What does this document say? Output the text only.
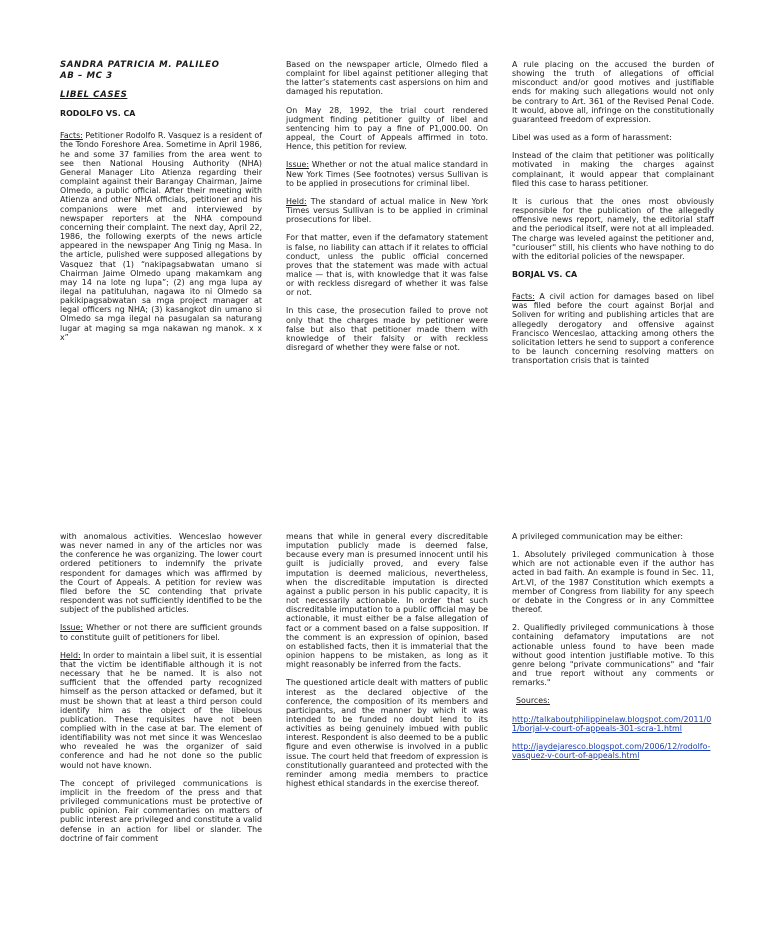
SANDRA PATRICIA M. PALILEO
AB – MC 3
LIBEL CASES
RODOLFO VS. CA

Facts: Petitioner Rodolfo R. Vasquez is a resident of the Tondo Foreshore Area. Sometime in April 1986, he and some 37 families from the area went to see then National Housing Authority (NHA) General Manager Lito Atienza regarding their complaint against their Barangay Chairman, Jaime Olmedo, a public official. After their meeting with Atienza and other NHA officials, petitioner and his companions were met and interviewed by newspaper reporters at the NHA compound concerning their complaint. The next day, April 22, 1986, the following exerpts of the news article appeared in the newspaper Ang Tinig ng Masa. In the article, pulished were supposed allegations by Vasquez that (1) “nakipagsabwatan umano si Chairman Jaime Olmedo upang makamkam ang may 14 na lote ng lupa”; (2) ang mga lupa ay ilegal na patituluhan, nagawa ito ni Olmedo sa pakikipagsabwatan sa mga project manager at legal officers ng NHA; (3) kasangkot din umano si Olmedo sa mga ilegal na pasugalan sa naturang lugar at maging sa mga nakawan ng manok. x x x”

Based on the newspaper article, Olmedo filed a complaint for libel against petitioner alleging that the latter’s statements cast aspersions on him and damaged his reputation.

On May 28, 1992, the trial court rendered judgment finding petitioner guilty of libel and sentencing him to pay a fine of P1,000.00. On appeal, the Court of Appeals affirmed in toto. Hence, this petition for review.

Issue: Whether or not the atual malice standard in New York Times (See footnotes) versus Sullivan is to be applied in prosecutions for criminal libel.

Held: The standard of actual malice in New York Times versus Sullivan is to be applied in criminal prosecutions for libel.

For that matter, even if the defamatory statement is false, no liability can attach if it relates to official conduct, unless the public official concerned proves that the statement was made with actual malice — that is, with knowledge that it was false or with reckless disregard of whether it was false or not.

In this case, the prosecution failed to prove not only that the charges made by petitioner were false but also that petitioner made them with knowledge of their falsity or with reckless disregard of whether they were false or not.

A rule placing on the accused the burden of showing the truth of allegations of official misconduct and/or good motives and justifiable ends for making such allegations would not only be contrary to Art. 361 of the Revised Penal Code. It would, above all, infringe on the constitutionally guaranteed freedom of expression.

Libel was used as a form of harassment:

Instead of the claim that petitioner was politically motivated in making the charges against complainant, it would appear that complainant filed this case to harass petitioner.

It is curious that the ones most obviously responsible for the publication of the allegedly offensive news report, namely, the editorial staff and the periodical itself, were not at all impleaded. The charge was leveled against the petitioner and, "curiouser" still, his clients who have nothing to do with the editorial policies of the newspaper.

BORJAL VS. CA

Facts: A civil action for damages based on libel was filed before the court against Borjal and Soliven for writing and publishing articles that are allegedly derogatory and offensive against Francisco Wenceslao, attacking among others the solicitation letters he send to support a conference to be launch concerning resolving matters on transportation crisis that is tainted

with anomalous activities. Wenceslao however was never named in any of the articles nor was the conference he was organizing. The lower court ordered petitioners to indemnify the private respondent for damages which was affirmed by the Court of Appeals. A petition for review was filed before the SC contending that private respondent was not sufficiently identified to be the subject of the published articles.

Issue: Whether or not there are sufficient grounds to constitute guilt of petitioners for libel.

Held: In order to maintain a libel suit, it is essential that the victim be identifiable although it is not necessary that he be named. It is also not sufficient that the offended party recognized himself as the person attacked or defamed, but it must be shown that at least a third person could identify him as the object of the libelous publication. These requisites have not been complied with in the case at bar. The element of identifiability was not met since it was Wenceslao who revealed he was the organizer of said conference and had he not done so the public would not have known.

The concept of privileged communications is implicit in the freedom of the press and that privileged communications must be protective of public opinion. Fair commentaries on matters of public interest are privileged and constitute a valid defense in an action for libel or slander. The doctrine of fair comment

means that while in general every discreditable imputation publicly made is deemed false, because every man is presumed innocent until his guilt is judicially proved, and every false imputation is deemed malicious, nevertheless, when the discreditable imputation is directed against a public person in his public capacity, it is not necessarily actionable. In order that such discreditable imputation to a public official may be actionable, it must either be a false allegation of fact or a comment based on a false supposition. If the comment is an expression of opinion, based on established facts, then it is immaterial that the opinion happens to be mistaken, as long as it might reasonably be inferred from the facts.

The questioned article dealt with matters of public interest as the declared objective of the conference, the composition of its members and participants, and the manner by which it was intended to be funded no doubt lend to its activities as being genuinely imbued with public interest. Respondent is also deemed to be a public figure and even otherwise is involved in a public issue. The court held that freedom of expression is constitutionally guaranteed and protected with the reminder among media members to practice highest ethical standards in the exercise thereof.

A privileged communication may be either:

1. Absolutely privileged communication à those which are not actionable even if the author has acted in bad faith. An example is found in Sec. 11, Art.VI, of the 1987 Constitution which exempts a member of Congress from liability for any speech or debate in the Congress or in any Committee thereof.

2. Qualifiedly privileged communications à those containing defamatory imputations are not actionable unless found to have been made without good intention justifiable motive. To this genre belong "private communications" and "fair and true report without any comments or remarks."

Sources:

http://talkaboutphilippinelaw.blogspot.com/2011/01/borjal-v-court-of-appeals-301-scra-1.html

http://jaydejaresco.blogspot.com/2006/12/rodolfo-vasquez-v-court-of-appeals.html
